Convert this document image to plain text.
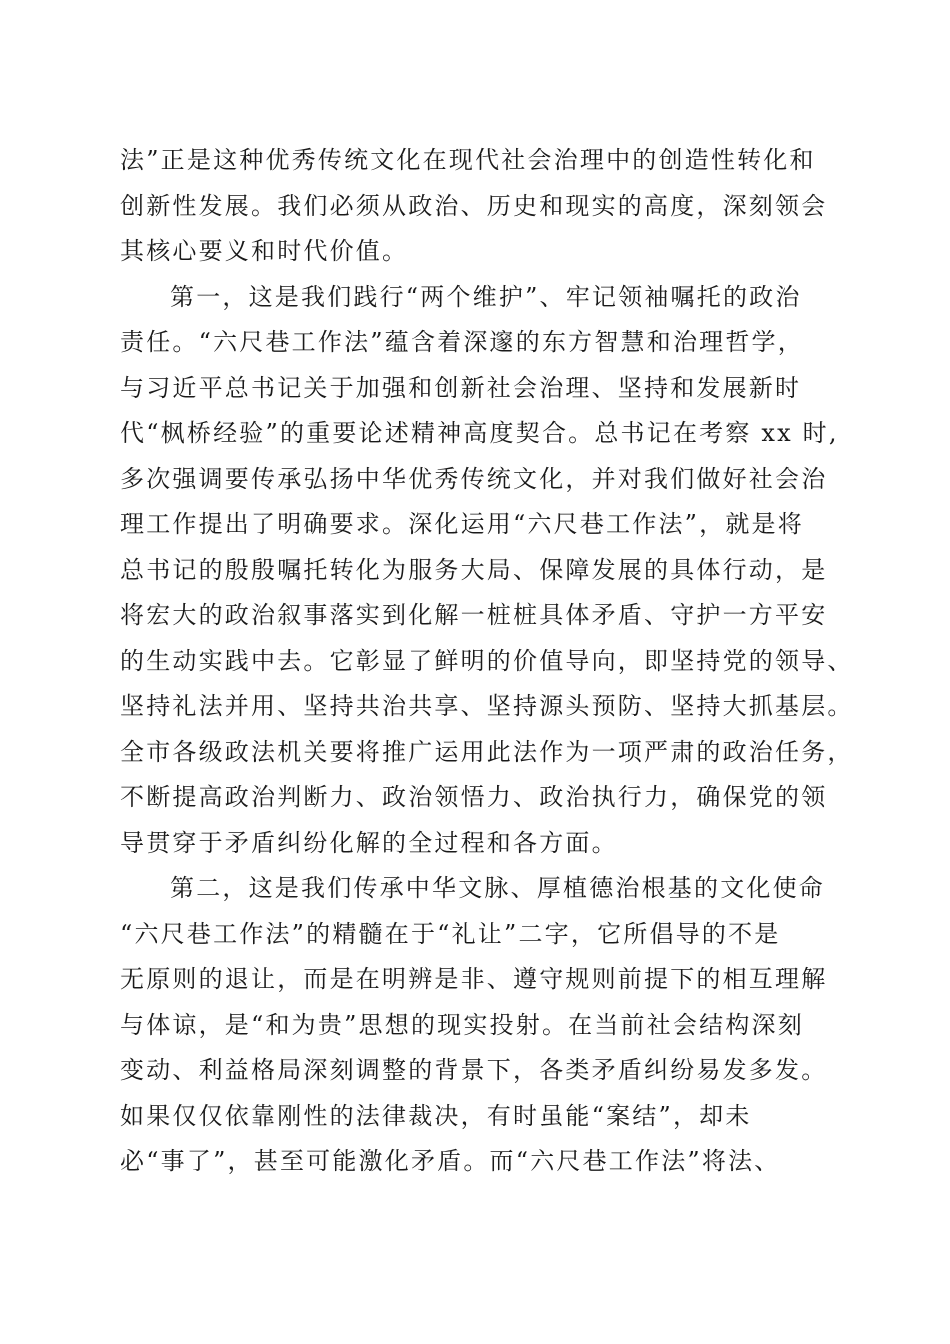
法”正是这种优秀传统文化在现代社会治理中的创造性转化和
创新性发展。我们必须从政治、历史和现实的高度，深刻领会
其核心要义和时代价值。
第一，这是我们践行“两个维护”、牢记领袖嘱托的政治
责任。“六尺巷工作法”蕴含着深邃的东方智慧和治理哲学，
与习近平总书记关于加强和创新社会治理、坚持和发展新时
代“枫桥经验”的重要论述精神高度契合。总书记在考察 xx 时,
多次强调要传承弘扬中华优秀传统文化，并对我们做好社会治
理工作提出了明确要求。深化运用“六尺巷工作法”，就是将
总书记的殷殷嘱托转化为服务大局、保障发展的具体行动，是
将宏大的政治叙事落实到化解一桩桩具体矛盾、守护一方平安
的生动实践中去。它彰显了鲜明的价值导向，即坚持党的领导、
坚持礼法并用、坚持共治共享、坚持源头预防、坚持大抓基层。
全市各级政法机关要将推广运用此法作为一项严肃的政治任务，
不断提高政治判断力、政治领悟力、政治执行力，确保党的领
导贯穿于矛盾纠纷化解的全过程和各方面。
第二，这是我们传承中华文脉、厚植德治根基的文化使命
“六尺巷工作法”的精髓在于“礼让”二字，它所倡导的不是
无原则的退让，而是在明辨是非、遵守规则前提下的相互理解
与体谅，是“和为贵”思想的现实投射。在当前社会结构深刻
变动、利益格局深刻调整的背景下，各类矛盾纠纷易发多发。
如果仅仅依靠刚性的法律裁决，有时虽能“案结”，却未
必“事了”，甚至可能激化矛盾。而“六尺巷工作法”将法、
